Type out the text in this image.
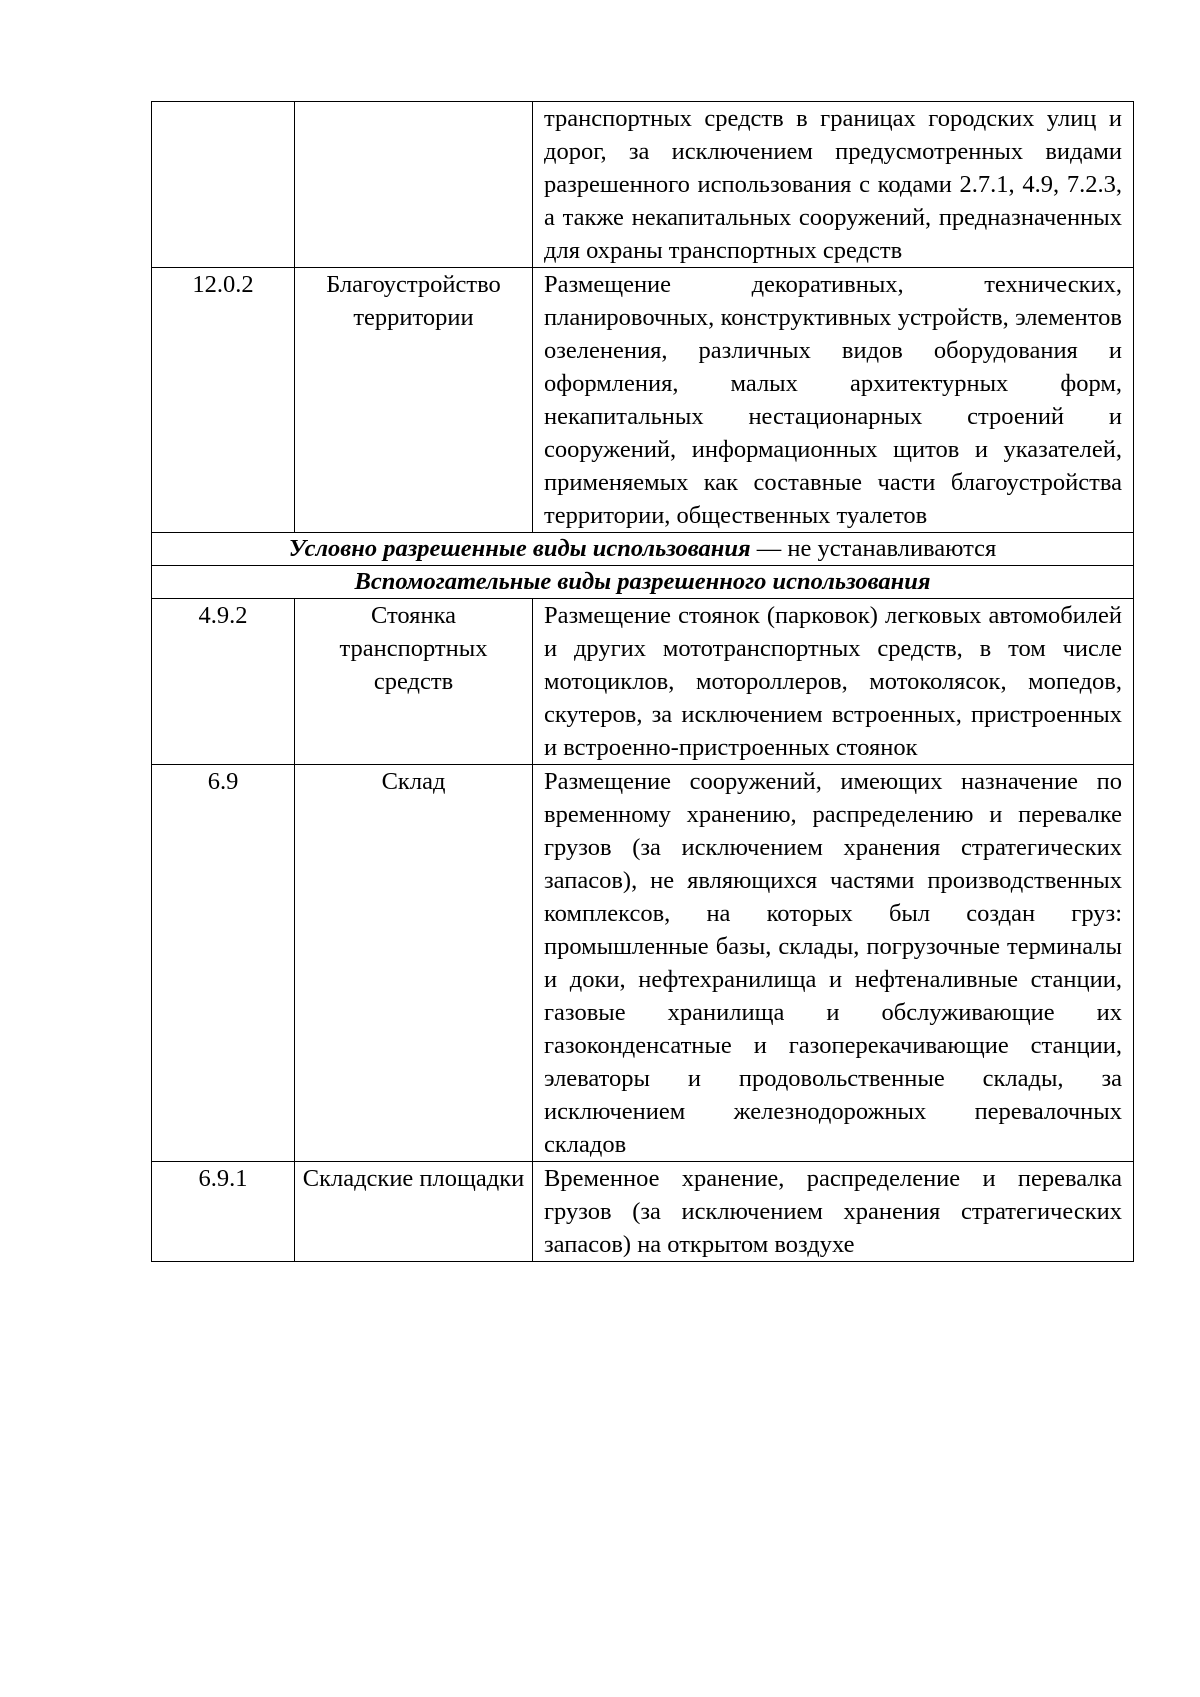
		транспортных средств в границах городских улиц и дорог, за исключением предусмотренных видами разрешенного использования с кодами 2.7.1, 4.9, 7.2.3, а также некапитальных сооружений, предназначенных для охраны транспортных средств
12.0.2	Благоустройство территории	Размещение декоративных, технических, планировочных, конструктивных устройств, элементов озеленения, различных видов оборудования и оформления, малых архитектурных форм, некапитальных нестационарных строений и сооружений, информационных щитов и указателей, применяемых как составные части благоустройства территории, общественных туалетов
Условно разрешенные виды использования — не устанавливаются		
Вспомогательные виды разрешенного использования		
4.9.2	Стоянка транспортных средств	Размещение стоянок (парковок) легковых автомобилей и других мототранспортных средств, в том числе мотоциклов, мотороллеров, мотоколясок, мопедов, скутеров, за исключением встроенных, пристроенных и встроенно-пристроенных стоянок
6.9	Склад	Размещение сооружений, имеющих назначение по временному хранению, распределению и перевалке грузов (за исключением хранения стратегических запасов), не являющихся частями производственных комплексов, на которых был создан груз: промышленные базы, склады, погрузочные терминалы и доки, нефтехранилища и нефтеналивные станции, газовые хранилища и обслуживающие их газоконденсатные и газоперекачивающие станции, элеваторы и продовольственные склады, за исключением железнодорожных перевалочных складов
6.9.1	Складские площадки	Временное хранение, распределение и перевалка грузов (за исключением хранения стратегических запасов) на открытом воздухе
